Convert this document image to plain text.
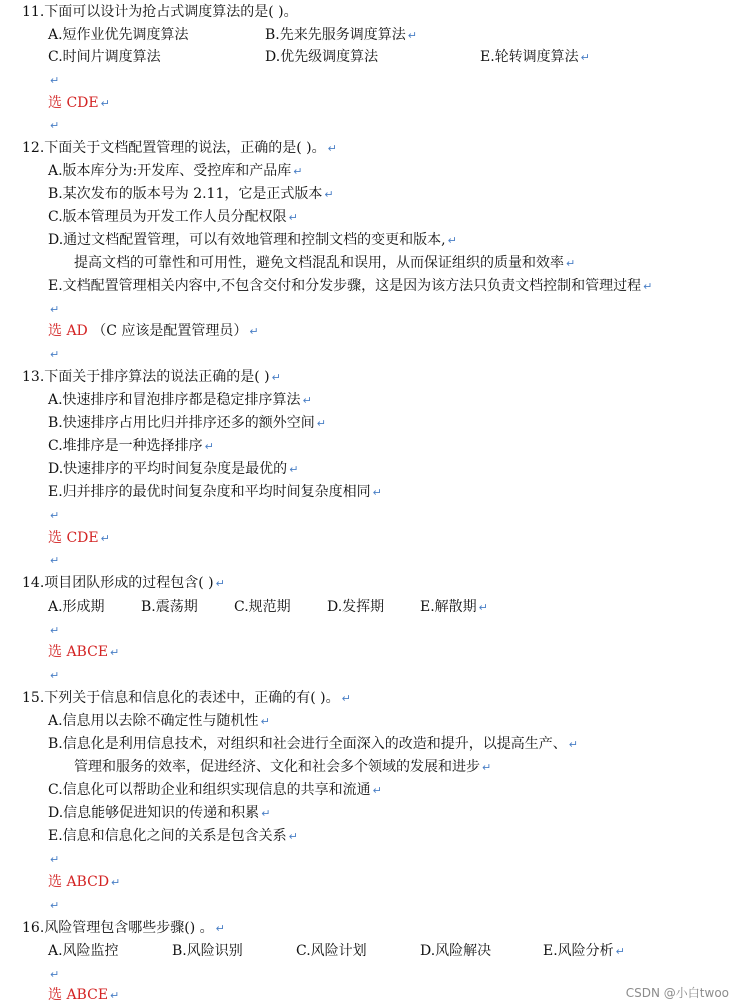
11.下面可以设计为抢占式调度算法的是( )。
A.短作业优先调度算法	B.先来先服务调度算法 ↵
C.时间片调度算法	D.优先级调度算法	E.轮转调度算法 ↵
↵
选 CDE ↵
↵
12.下面关于文档配置管理的说法，正确的是( )。 ↵
A.版本库分为:开发库、受控库和产品库 ↵
B.某次发布的版本号为 2.11，它是正式版本 ↵
C.版本管理员为开发工作人员分配权限 ↵
D.通过文档配置管理，可以有效地管理和控制文档的变更和版本, ↵
提高文档的可靠性和可用性，避免文档混乱和误用，从而保证组织的质量和效率 ↵
E.文档配置管理相关内容中,不包含交付和分发步骤，这是因为该方法只负责文档控制和管理过程 ↵
↵
选 AD （C 应该是配置管理员） ↵
↵
13.下面关于排序算法的说法正确的是( ) ↵
A.快速排序和冒泡排序都是稳定排序算法 ↵
B.快速排序占用比归并排序还多的额外空间 ↵
C.堆排序是一种选择排序 ↵
D.快速排序的平均时间复杂度是最优的 ↵
E.归并排序的最优时间复杂度和平均时间复杂度相同 ↵
↵
选 CDE ↵
↵
14.项目团队形成的过程包含( ) ↵
A.形成期	B.震荡期	C.规范期	D.发挥期	E.解散期 ↵
↵
选 ABCE ↵
↵
15.下列关于信息和信息化的表述中，正确的有( )。 ↵
A.信息用以去除不确定性与随机性 ↵
B.信息化是利用信息技术，对组织和社会进行全面深入的改造和提升，以提高生产、 ↵
管理和服务的效率，促进经济、文化和社会多个领域的发展和进步 ↵
C.信息化可以帮助企业和组织实现信息的共享和流通 ↵
D.信息能够促进知识的传递和积累 ↵
E.信息和信息化之间的关系是包含关系 ↵
↵
选 ABCD ↵
↵
16.风险管理包含哪些步骤() 。 ↵
A.风险监控	B.风险识别	C.风险计划	D.风险解决	E.风险分析 ↵
↵
选 ABCE ↵	CSDN @小白twoo
